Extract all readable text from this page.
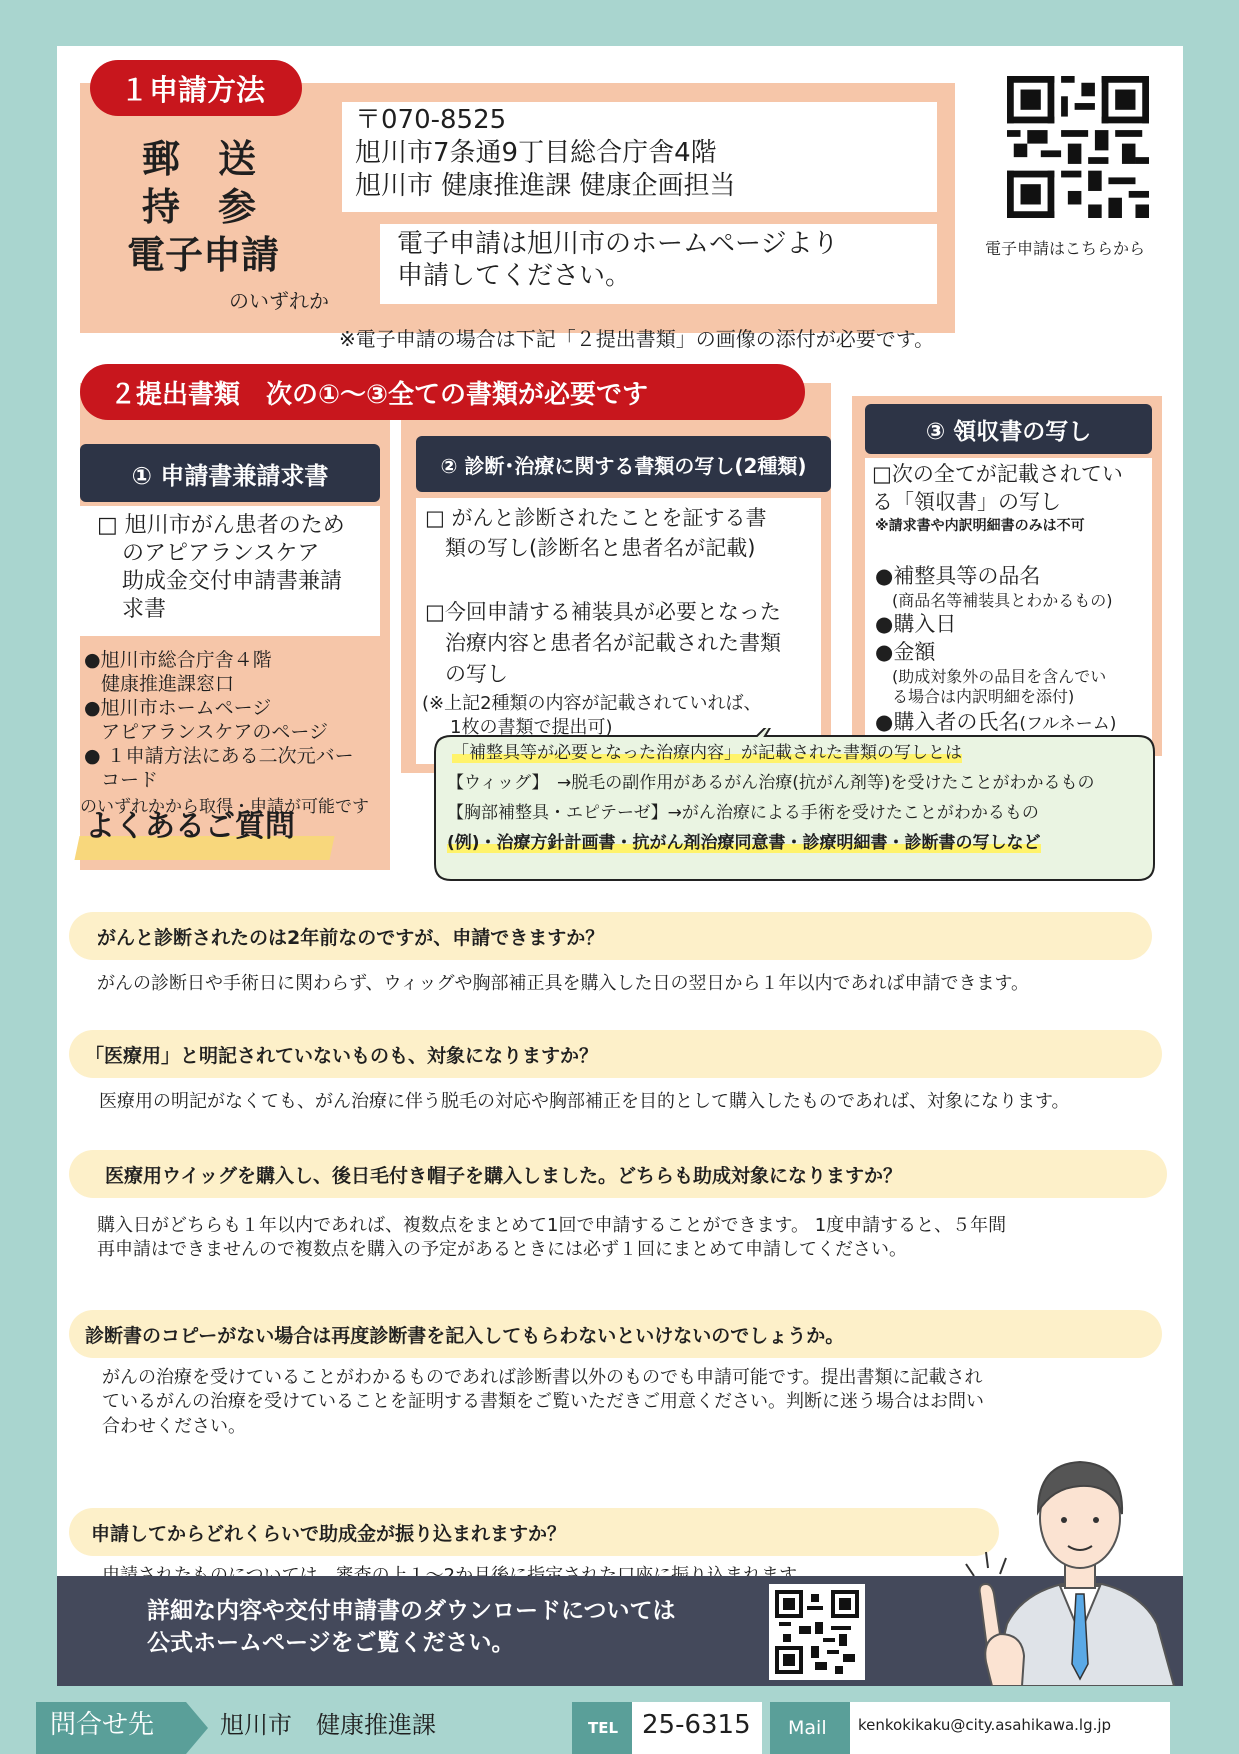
１申請方法
郵　送
持　参
電子申請
のいずれか
〒070-8525
旭川市7条通9丁目総合庁舎4階
旭川市 健康推進課 健康企画担当
電子申請は旭川市のホームページより
申請してください。
電子申請はこちらから
※電子申請の場合は下記「２提出書類」の画像の添付が必要です。
２提出書類　次の①～③全ての書類が必要です
① 申請書兼請求書
□ 旭川市がん患者のため
のアピアランスケア
助成金交付申請書兼請
求書
●旭川市総合庁舎４階
健康推進課窓口
●旭川市ホームページ
アピアランスケアのページ
● １申請方法にある二次元バー
コード
のいずれかから取得・申請が可能です
② 診断･治療に関する書類の写し(2種類)
□ がんと診断されたことを証する書
類の写し(診断名と患者名が記載)
□今回申請する補装具が必要となった
治療内容と患者名が記載された書類
の写し
(※上記2種類の内容が記載されていれば、
1枚の書類で提出可)
③ 領収書の写し
□次の全てが記載されてい
る「領収書」の写し
※請求書や内訳明細書のみは不可
●補整具等の品名
(商品名等補装具とわかるもの)
●購入日
●金額
(助成対象外の品目を含んでい
る場合は内訳明細を添付)
●購入者の氏名(フルネーム)
「補整具等が必要となった治療内容」が記載された書類の写しとは
【ウィッグ】　→脱毛の副作用があるがん治療(抗がん剤等)を受けたことがわかるもの
【胸部補整具・エピテーゼ】→がん治療による手術を受けたことがわかるもの
(例)・治療方針計画書・抗がん剤治療同意書・診療明細書・診断書の写しなど
よくあるご質問
がんと診断されたのは2年前なのですが、申請できますか？
がんの診断日や手術日に関わらず、ウィッグや胸部補正具を購入した日の翌日から１年以内であれば申請できます。
「医療用」と明記されていないものも、対象になりますか？
医療用の明記がなくても、がん治療に伴う脱毛の対応や胸部補正を目的として購入したものであれば、対象になります。
医療用ウイッグを購入し、後日毛付き帽子を購入しました。どちらも助成対象になりますか？
購入日がどちらも１年以内であれば、複数点をまとめて1回で申請することができます。 1度申請すると、５年間
再申請はできませんので複数点を購入の予定があるときには必ず１回にまとめて申請してください。
診断書のコピーがない場合は再度診断書を記入してもらわないといけないのでしょうか。
がんの治療を受けていることがわかるものであれば診断書以外のものでも申請可能です。提出書類に記載され
ているがんの治療を受けていることを証明する書類をご覧いただきご用意ください。判断に迷う場合はお問い
合わせください。
申請してからどれくらいで助成金が振り込まれますか？
詳細な内容や交付申請書のダウンロードについては
公式ホームページをご覧ください。
問合せ先	旭川市　健康推進課	TEL 25-6315 Mail kenkokikaku@city.asahikawa.lg.jp
